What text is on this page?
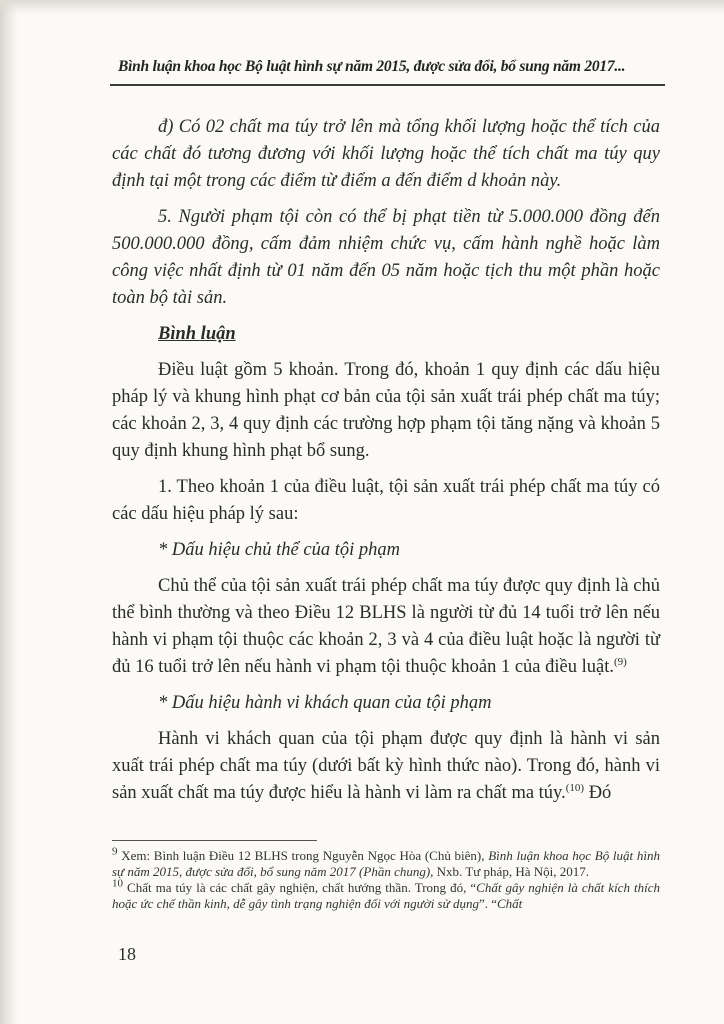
Bình luận khoa học Bộ luật hình sự năm 2015, được sửa đổi, bổ sung năm 2017...

đ) Có 02 chất ma túy trở lên mà tổng khối lượng hoặc thể tích của các chất đó tương đương với khối lượng hoặc thể tích chất ma túy quy định tại một trong các điểm từ điểm a đến điểm d khoản này.

5. Người phạm tội còn có thể bị phạt tiền từ 5.000.000 đồng đến 500.000.000 đồng, cấm đảm nhiệm chức vụ, cấm hành nghề hoặc làm công việc nhất định từ 01 năm đến 05 năm hoặc tịch thu một phần hoặc toàn bộ tài sản.

Bình luận

Điều luật gồm 5 khoản. Trong đó, khoản 1 quy định các dấu hiệu pháp lý và khung hình phạt cơ bản của tội sản xuất trái phép chất ma túy; các khoản 2, 3, 4 quy định các trường hợp phạm tội tăng nặng và khoản 5 quy định khung hình phạt bổ sung.

1. Theo khoản 1 của điều luật, tội sản xuất trái phép chất ma túy có các dấu hiệu pháp lý sau:

* Dấu hiệu chủ thể của tội phạm

Chủ thể của tội sản xuất trái phép chất ma túy được quy định là chủ thể bình thường và theo Điều 12 BLHS là người từ đủ 14 tuổi trở lên nếu hành vi phạm tội thuộc các khoản 2, 3 và 4 của điều luật hoặc là người từ đủ 16 tuổi trở lên nếu hành vi phạm tội thuộc khoản 1 của điều luật.$^{(9)}$

* Dấu hiệu hành vi khách quan của tội phạm

Hành vi khách quan của tội phạm được quy định là hành vi sản xuất trái phép chất ma túy (dưới bất kỳ hình thức nào). Trong đó, hành vi sản xuất chất ma túy được hiểu là hành vi làm ra chất ma túy.$^{(10)}$ Đó

$^9$ Xem: Bình luận Điều 12 BLHS trong Nguyễn Ngọc Hòa (Chủ biên), Bình luận khoa học Bộ luật hình sự năm 2015, được sửa đổi, bổ sung năm 2017 (Phần chung), Nxb. Tư pháp, Hà Nội, 2017.

$^{10}$ Chất ma túy là các chất gây nghiện, chất hướng thần. Trong đó, “Chất gây nghiện là chất kích thích hoặc ức chế thần kinh, dễ gây tình trạng nghiện đối với người sử dụng”. “Chất

18
